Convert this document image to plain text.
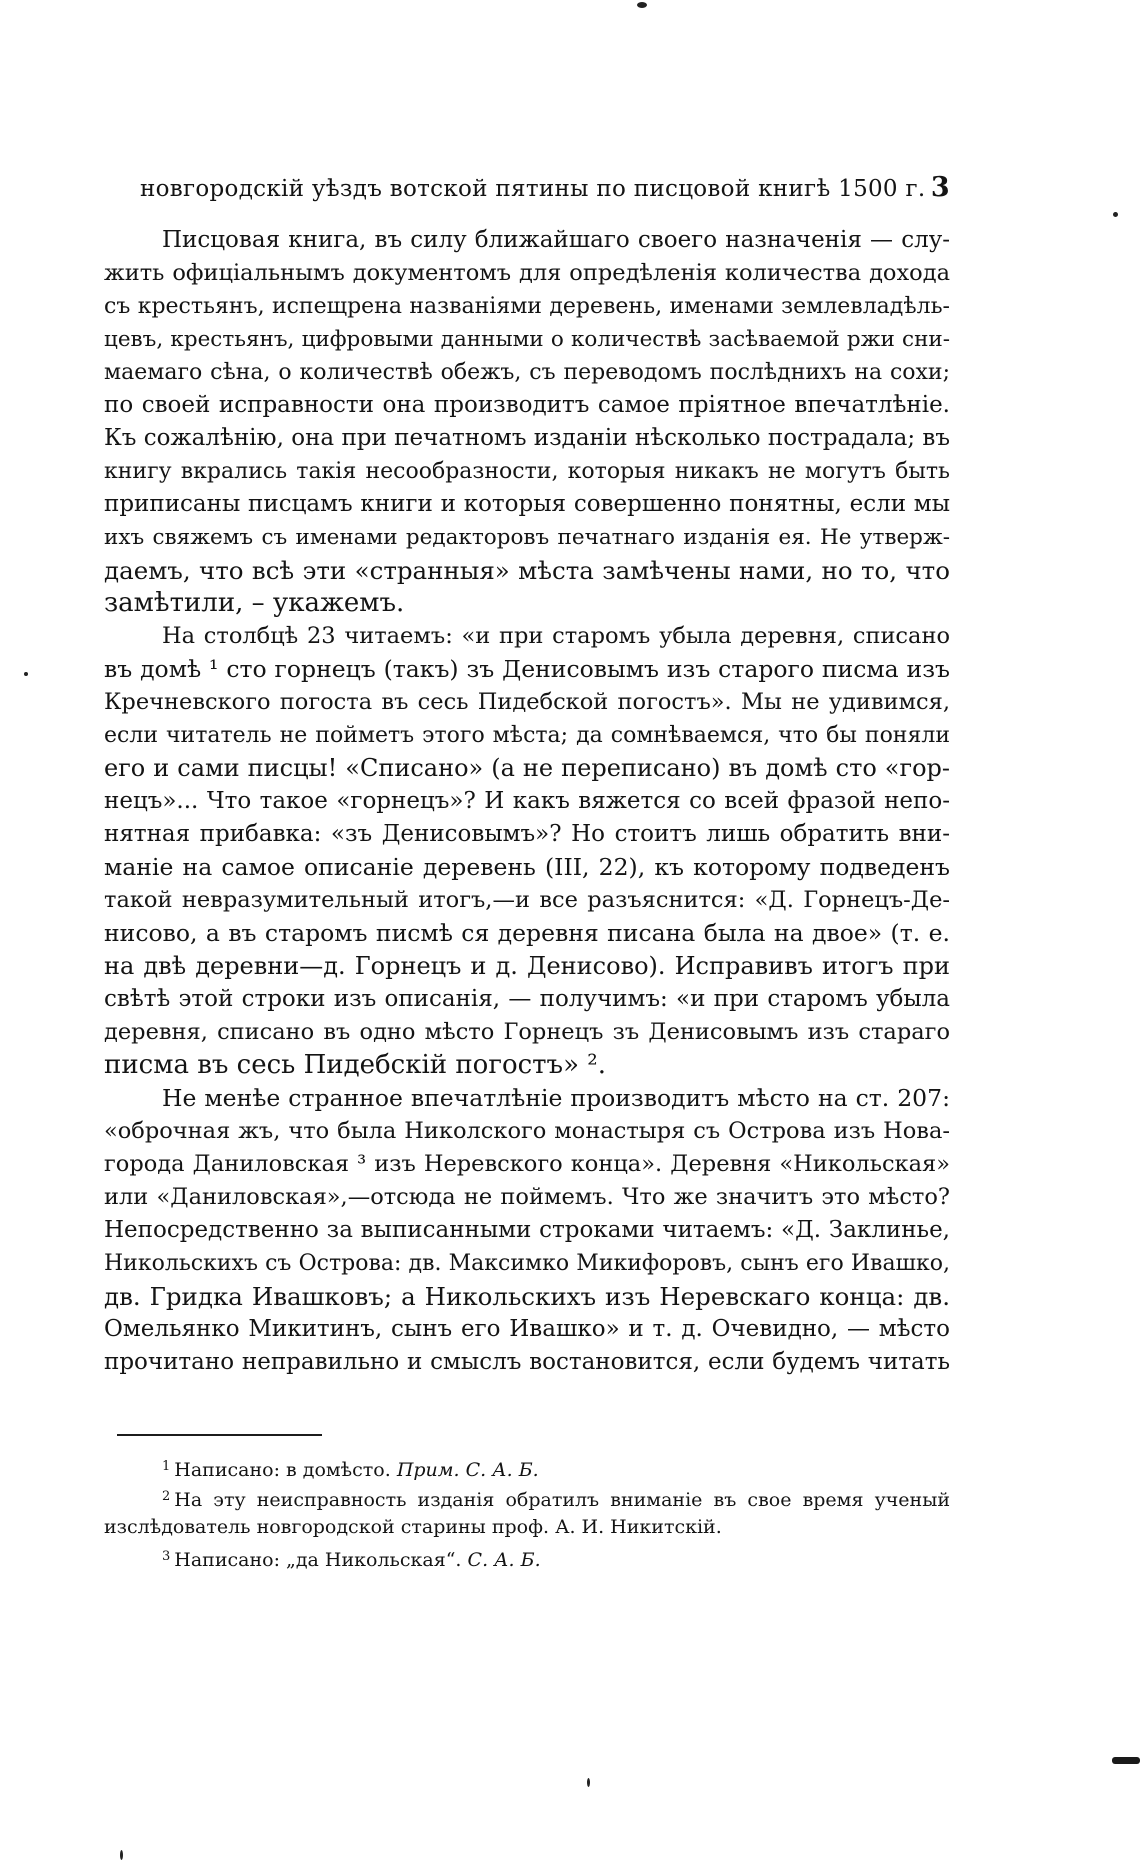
новгородскій уѣздъ вотской пятины по писцовой книгѣ 1500 г. 3
Писцовая книга, въ силу ближайшаго своего назначенія — слу-
жить офиціальнымъ документомъ для опредѣленія количества дохода
съ крестьянъ, испещрена названіями деревень, именами землевладѣль-
цевъ, крестьянъ, цифровыми данными о количествѣ засѣваемой ржи сни-
маемаго сѣна, о количествѣ обежъ, съ переводомъ послѣднихъ на сохи;
по своей исправности она производитъ самое пріятное впечатлѣніе.
Къ сожалѣнію, она при печатномъ изданіи нѣсколько пострадала; въ
книгу вкрались такія несообразности, которыя никакъ не могутъ быть
приписаны писцамъ книги и которыя совершенно понятны, если мы
ихъ свяжемъ съ именами редакторовъ печатнаго изданія ея. Не утверж-
даемъ, что всѣ эти «странныя» мѣста замѣчены нами, но то, что
замѣтили, – укажемъ.
На столбцѣ 23 читаемъ: «и при старомъ убыла деревня, списано
въ домѣ ¹ сто горнецъ (такъ) зъ Денисовымъ изъ старого писма изъ
Кречневского погоста въ сесь Пидебской погостъ». Мы не удивимся,
если читатель не пойметъ этого мѣста; да сомнѣваемся, что бы поняли
его и сами писцы! «Списано» (а не переписано) въ домѣ сто «гор-
нецъ»... Что такое «горнецъ»? И какъ вяжется со всей фразой непо-
нятная прибавка: «зъ Денисовымъ»? Но стоитъ лишь обратить вни-
маніе на самое описаніе деревень (III, 22), къ которому подведенъ
такой невразумительный итогъ,—и все разъяснится: «Д. Горнецъ-Де-
нисово, а въ старомъ писмѣ ся деревня писана была на двое» (т. е.
на двѣ деревни—д. Горнецъ и д. Денисово). Исправивъ итогъ при
свѣтѣ этой строки изъ описанія, — получимъ: «и при старомъ убыла
деревня, списано въ одно мѣсто Горнецъ зъ Денисовымъ изъ стараго
писма въ сесь Пидебскій погостъ» ².
Не менѣе странное впечатлѣніе производитъ мѣсто на ст. 207:
«оброчная жъ, что была Николского монастыря съ Острова изъ Нова-
города Даниловская ³ изъ Неревского конца». Деревня «Никольская»
или «Даниловская»,—отсюда не поймемъ. Что же значитъ это мѣсто?
Непосредственно за выписанными строками читаемъ: «Д. Заклинье,
Никольскихъ съ Острова: дв. Максимко Микифоровъ, сынъ его Ивашко,
дв. Гридка Ивашковъ; а Никольскихъ изъ Неревскаго конца: дв.
Омельянко Микитинъ, сынъ его Ивашко» и т. д. Очевидно, — мѣсто
прочитано неправильно и смыслъ востановится, если будемъ читать
$^1$ Написано: в домѣсто. Прим. С. А. Б.
$^2$ На эту неисправность изданія обратилъ вниманіе въ свое время ученый
изслѣдователь новгородской старины проф. А. И. Никитскій.
$^3$ Написано: „да Никольская“. С. А. Б.
